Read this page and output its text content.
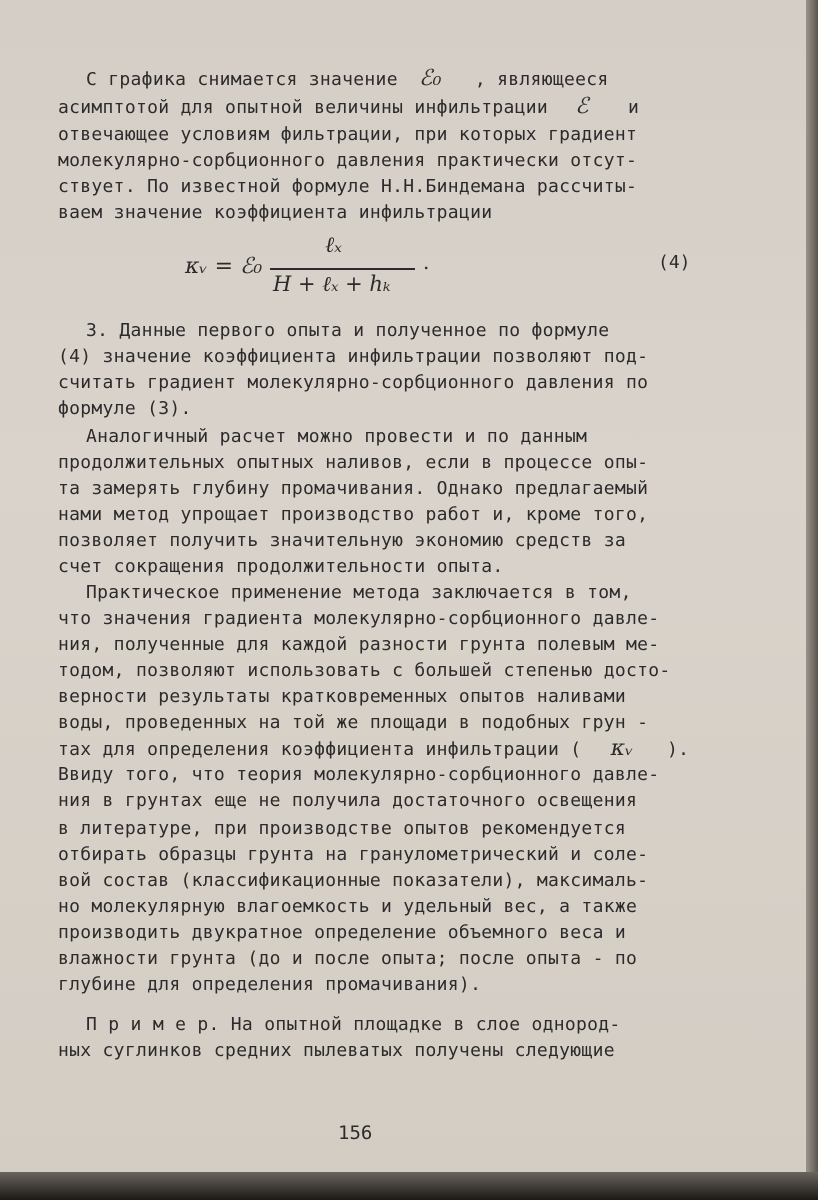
С графика снимается значение ℰ₀ , являющееся
асимптотой для опытной величины инфильтрации ℰ и
отвечающее условиям фильтрации, при которых градиент
молекулярно-сорбционного давления практически отсут-
ствует. По известной формуле Н.Н.Биндемана рассчиты-
ваем значение коэффициента инфильтрации
κᵥ = ℰ₀
ℓₓ
H + ℓₓ + hₖ
.	(4)
3. Данные первого опыта и полученное по формуле
(4) значение коэффициента инфильтрации позволяют под-
считать градиент молекулярно-сорбционного давления по
формуле (3).
Аналогичный расчет можно провести и по данным
продолжительных опытных наливов, если в процессе опы-
та замерять глубину промачивания. Однако предлагаемый
нами метод упрощает производство работ и, кроме того,
позволяет получить значительную экономию средств за
счет сокращения продолжительности опыта.
Практическое применение метода заключается в том,
что значения градиента молекулярно-сорбционного давле-
ния, полученные для каждой разности грунта полевым ме-
тодом, позволяют использовать с большей степенью досто-
верности результаты кратковременных опытов наливами
воды, проведенных на той же площади в подобных грун -
тах для определения коэффициента инфильтрации ( κᵥ ).
Ввиду того, что теория молекулярно-сорбционного давле-
ния в грунтах еще не получила достаточного освещения
в литературе, при производстве опытов рекомендуется
отбирать образцы грунта на гранулометрический и соле-
вой состав (классификационные показатели), максималь-
но молекулярную влагоемкость и удельный вес, а также
производить двукратное определение объемного веса и
влажности грунта (до и после опыта; после опыта - по
глубине для определения промачивания).
П р и м е р. На опытной площадке в слое однород-
ных суглинков средних пылеватых получены следующие
156
